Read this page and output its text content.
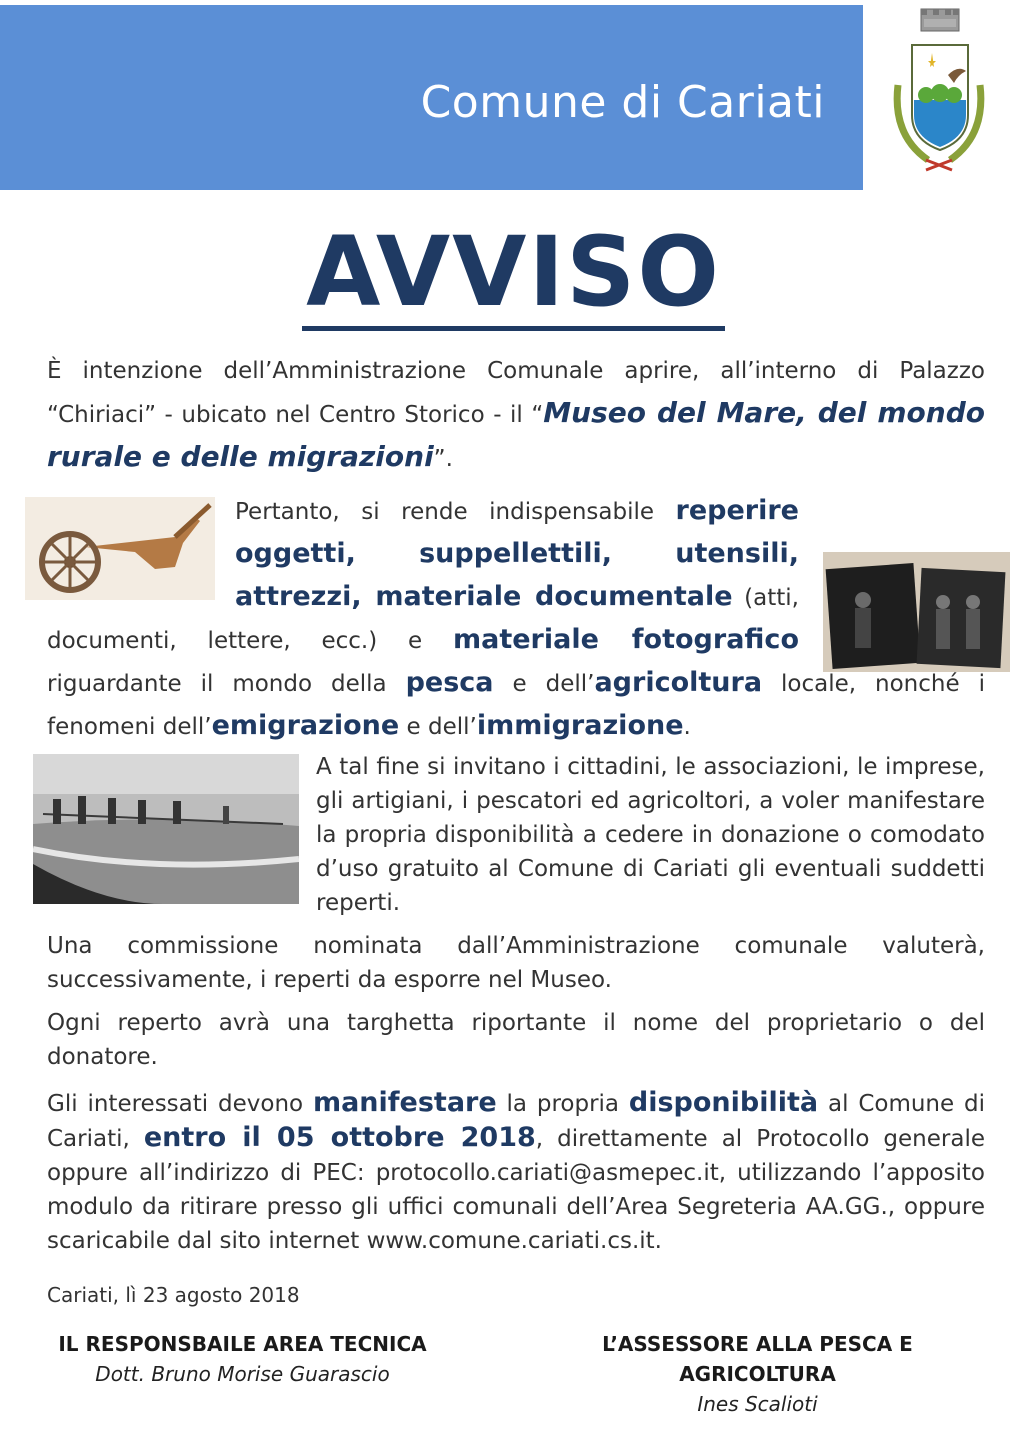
Comune di Cariati
AVVISO
È intenzione dell’Amministrazione Comunale aprire, all’interno di Palazzo “Chiriaci” - ubicato nel Centro Storico - il “Museo del Mare, del mondo rurale e delle migrazioni”.
Pertanto, si rende indispensabile reperire oggetti, suppellettili, utensili, attrezzi, materiale documentale (atti, documenti, lettere, ecc.) e materiale fotografico riguardante il mondo della pesca e dell’agricoltura locale, nonché i fenomeni dell’emigrazione e dell’immigrazione.
A tal fine si invitano i cittadini, le associazioni, le imprese, gli artigiani, i pescatori ed agricoltori, a voler manifestare la propria disponibilità a cedere in donazione o comodato d’uso gratuito al Comune di Cariati gli eventuali suddetti reperti.
Una commissione nominata dall’Amministrazione comunale valuterà, successivamente, i reperti da esporre nel Museo.
Ogni reperto avrà una targhetta riportante il nome del proprietario o del donatore.
Gli interessati devono manifestare la propria disponibilità al Comune di Cariati, entro il 05 ottobre 2018, direttamente al Protocollo generale oppure all’indirizzo di PEC: protocollo.cariati@asmepec.it, utilizzando l’apposito modulo da ritirare presso gli uffici comunali dell’Area Segreteria AA.GG., oppure scaricabile dal sito internet www.comune.cariati.cs.it.
Cariati, lì 23 agosto 2018
IL RESPONSBAILE AREA TECNICA
Dott. Bruno Morise Guarascio
L’ASSESSORE ALLA PESCA E AGRICOLTURA
Ines Scalioti
